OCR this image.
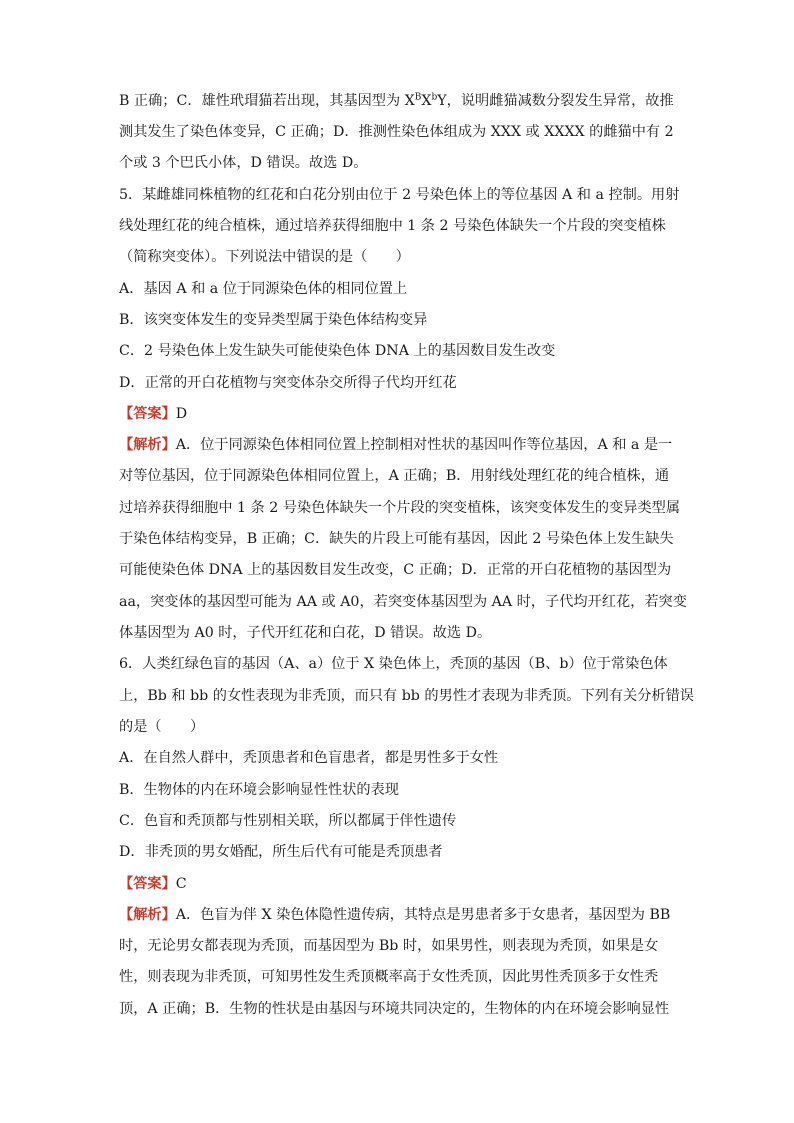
B 正确；C．雄性玳瑁猫若出现，其基因型为 $X^BX^bY$，说明雌猫减数分裂发生异常，故推
测其发生了染色体变异，C 正确；D．推测性染色体组成为 XXX 或 XXXX 的雌猫中有 2
个或 3 个巴氏小体，D 错误。故选 D。
5．某雌雄同株植物的红花和白花分别由位于 2 号染色体上的等位基因 A 和 a 控制。用射
线处理红花的纯合植株，通过培养获得细胞中 1 条 2 号染色体缺失一个片段的突变植株
（简称突变体）。下列说法中错误的是（　　）
A．基因 A 和 a 位于同源染色体的相同位置上
B．该突变体发生的变异类型属于染色体结构变异
C．2 号染色体上发生缺失可能使染色体 DNA 上的基因数目发生改变
D．正常的开白花植物与突变体杂交所得子代均开红花
【答案】D
【解析】A．位于同源染色体相同位置上控制相对性状的基因叫作等位基因，A 和 a 是一
对等位基因，位于同源染色体相同位置上，A 正确；B．用射线处理红花的纯合植株，通
过培养获得细胞中 1 条 2 号染色体缺失一个片段的突变植株，该突变体发生的变异类型属
于染色体结构变异，B 正确；C．缺失的片段上可能有基因，因此 2 号染色体上发生缺失
可能使染色体 DNA 上的基因数目发生改变，C 正确；D．正常的开白花植物的基因型为
aa，突变体的基因型可能为 AA 或 A0，若突变体基因型为 AA 时，子代均开红花，若突变
体基因型为 A0 时，子代开红花和白花，D 错误。故选 D。
6．人类红绿色盲的基因（A、a）位于 X 染色体上，秃顶的基因（B、b）位于常染色体
上，Bb 和 bb 的女性表现为非秃顶，而只有 bb 的男性才表现为非秃顶。下列有关分析错误
的是（　　）
A．在自然人群中，秃顶患者和色盲患者，都是男性多于女性
B．生物体的内在环境会影响显性性状的表现
C．色盲和秃顶都与性别相关联，所以都属于伴性遗传
D．非秃顶的男女婚配，所生后代有可能是秃顶患者
【答案】C
【解析】A．色盲为伴 X 染色体隐性遗传病，其特点是男患者多于女患者，基因型为 BB
时，无论男女都表现为秃顶，而基因型为 Bb 时，如果男性，则表现为秃顶，如果是女
性，则表现为非秃顶，可知男性发生秃顶概率高于女性秃顶，因此男性秃顶多于女性秃
顶，A 正确；B．生物的性状是由基因与环境共同决定的，生物体的内在环境会影响显性
